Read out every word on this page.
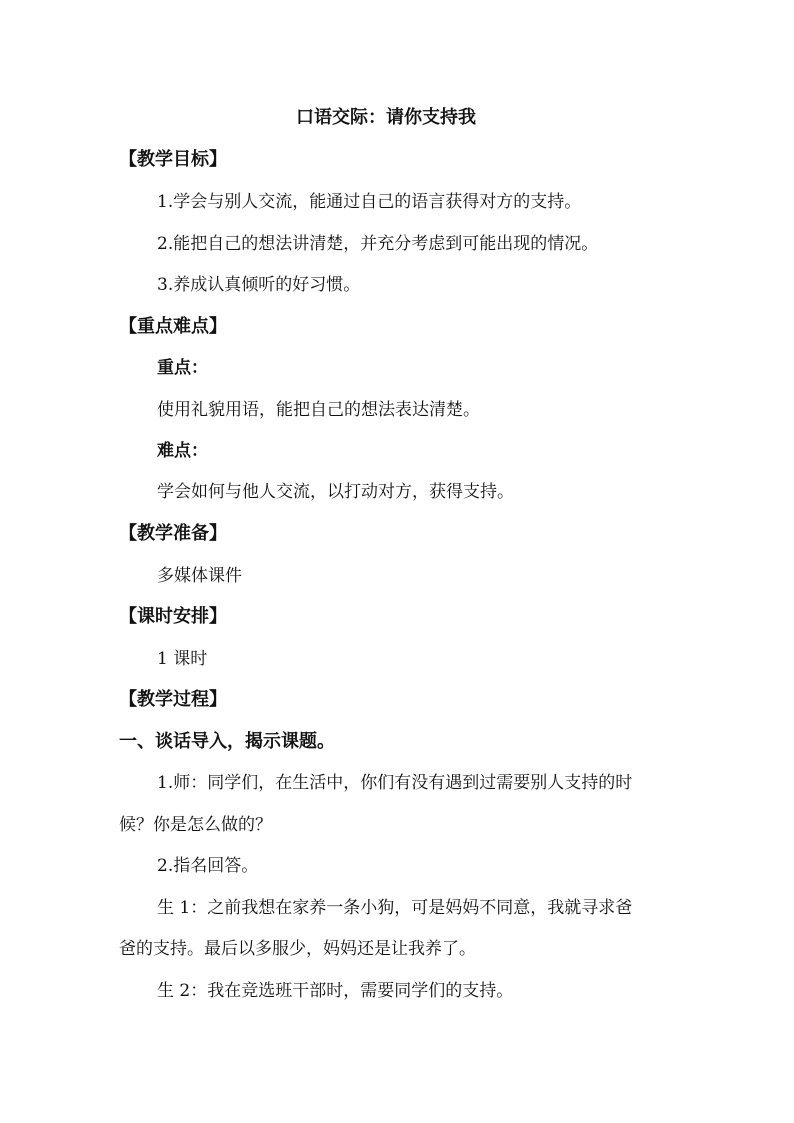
口语交际：请你支持我
【教学目标】
1.学会与别人交流，能通过自己的语言获得对方的支持。
2.能把自己的想法讲清楚，并充分考虑到可能出现的情况。
3.养成认真倾听的好习惯。
【重点难点】
重点：
使用礼貌用语，能把自己的想法表达清楚。
难点：
学会如何与他人交流，以打动对方，获得支持。
【教学准备】
多媒体课件
【课时安排】
1 课时
【教学过程】
一、谈话导入，揭示课题。
1.师：同学们，在生活中，你们有没有遇到过需要别人支持的时
候？你是怎么做的？
2.指名回答。
生 1：之前我想在家养一条小狗，可是妈妈不同意，我就寻求爸
爸的支持。最后以多服少，妈妈还是让我养了。
生 2：我在竞选班干部时，需要同学们的支持。
